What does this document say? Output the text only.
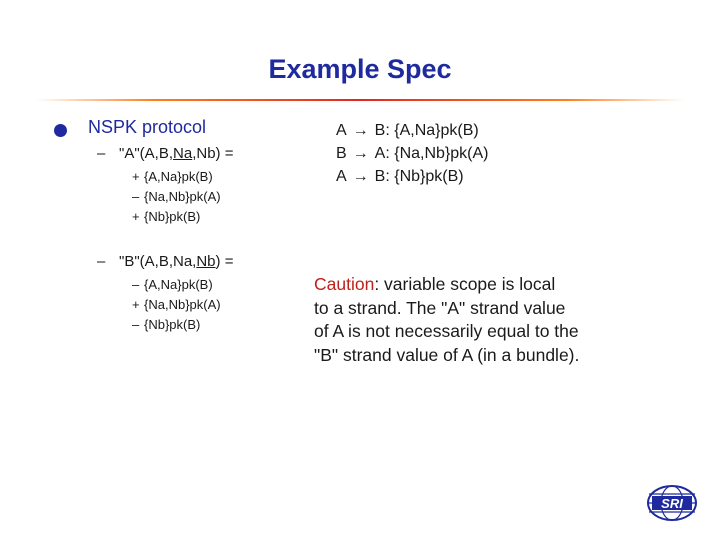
Example Spec
NSPK protocol
– "A"(A,B,Na,Nb) =
+ {A,Na}pk(B)
– {Na,Nb}pk(A)
+ {Nb}pk(B)
– "B"(A,B,Na,Nb) =
– {A,Na}pk(B)
+ {Na,Nb}pk(A)
– {Nb}pk(B)
A → B: {A,Na}pk(B)
B → A: {Na,Nb}pk(A)
A → B: {Nb}pk(B)
Caution: variable scope is local
to a strand. The "A" strand value
of A is not necessarily equal to the
"B" strand value of A (in a bundle).
SRI
